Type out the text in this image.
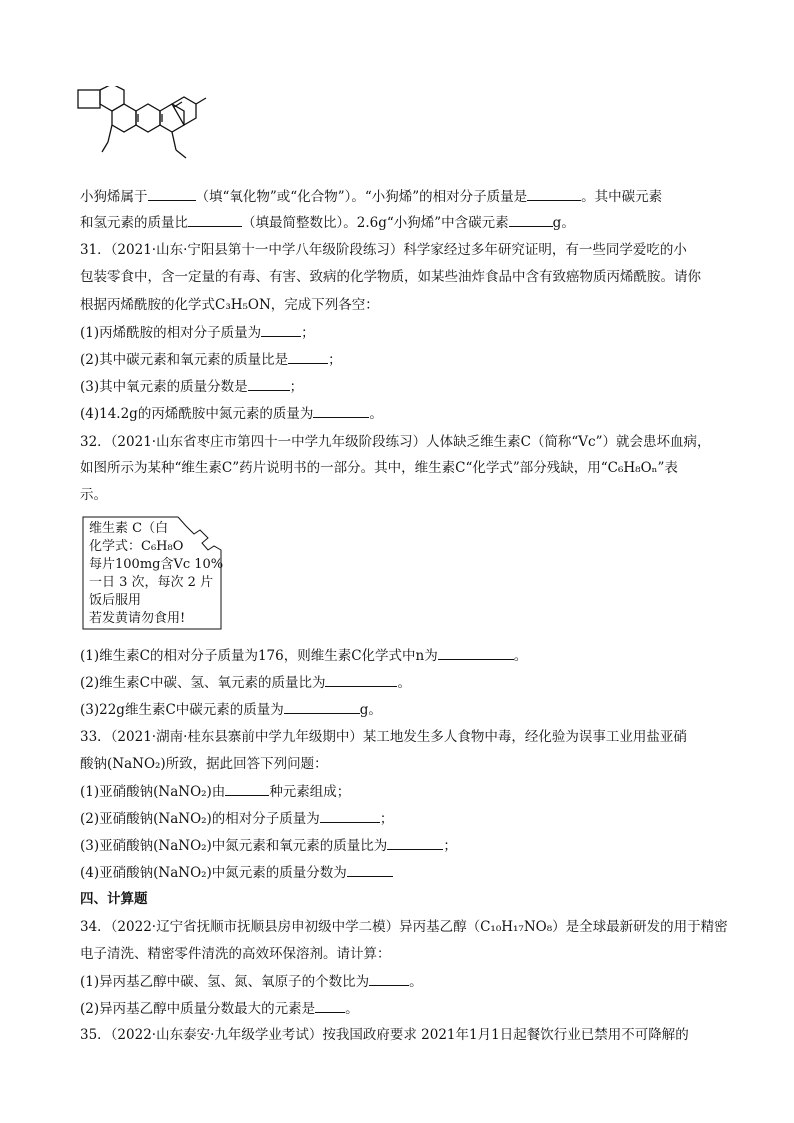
小狗烯属于	（填“氧化物”或“化合物”）。“小狗烯”的相对分子质量是	。其中碳元素
和氢元素的质量比	（填最简整数比）。2.6g“小狗烯”中含碳元素	g。
31．（2021·山东·宁阳县第十一中学八年级阶段练习）科学家经过多年研究证明，有一些同学爱吃的小
包装零食中，含一定量的有毒、有害、致病的化学物质，如某些油炸食品中含有致癌物质丙烯酰胺。请你
根据丙烯酰胺的化学式C₃H₅ON，完成下列各空：
(1)丙烯酰胺的相对分子质量为	；
(2)其中碳元素和氧元素的质量比是	；
(3)其中氧元素的质量分数是	；
(4)14.2g的丙烯酰胺中氮元素的质量为	。
32．（2021·山东省枣庄市第四十一中学九年级阶段练习）人体缺乏维生素C（简称“Vc”）就会患坏血病，
如图所示为某种“维生素C”药片说明书的一部分。其中，维生素C“化学式”部分残缺，用“C₆H₈Oₙ”表
示。
维生素 C（白
化学式：C₆H₈O
每片100mg含Vc 10%
一日 3 次，每次 2 片
饭后服用
若发黄请勿食用!
(1)维生素C的相对分子质量为176，则维生素C化学式中n为	。
(2)维生素C中碳、氢、氧元素的质量比为	。
(3)22g维生素C中碳元素的质量为	g。
33．（2021·湖南·桂东县寨前中学九年级期中）某工地发生多人食物中毒，经化验为误事工业用盐亚硝
酸钠(NaNO₂)所致，据此回答下列问题：
(1)亚硝酸钠(NaNO₂)由	种元素组成；
(2)亚硝酸钠(NaNO₂)的相对分子质量为	；
(3)亚硝酸钠(NaNO₂)中氮元素和氧元素的质量比为	；
(4)亚硝酸钠(NaNO₂)中氮元素的质量分数为
四、计算题
34．（2022·辽宁省抚顺市抚顺县房申初级中学二模）异丙基乙醇（C₁₀H₁₇NO₈）是全球最新研发的用于精密
电子清洗、精密零件清洗的高效环保溶剂。请计算：
(1)异丙基乙醇中碳、氢、氮、氧原子的个数比为	。
(2)异丙基乙醇中质量分数最大的元素是 。
35．（2022·山东泰安·九年级学业考试）按我国政府要求 2021年1月1日起餐饮行业已禁用不可降解的
